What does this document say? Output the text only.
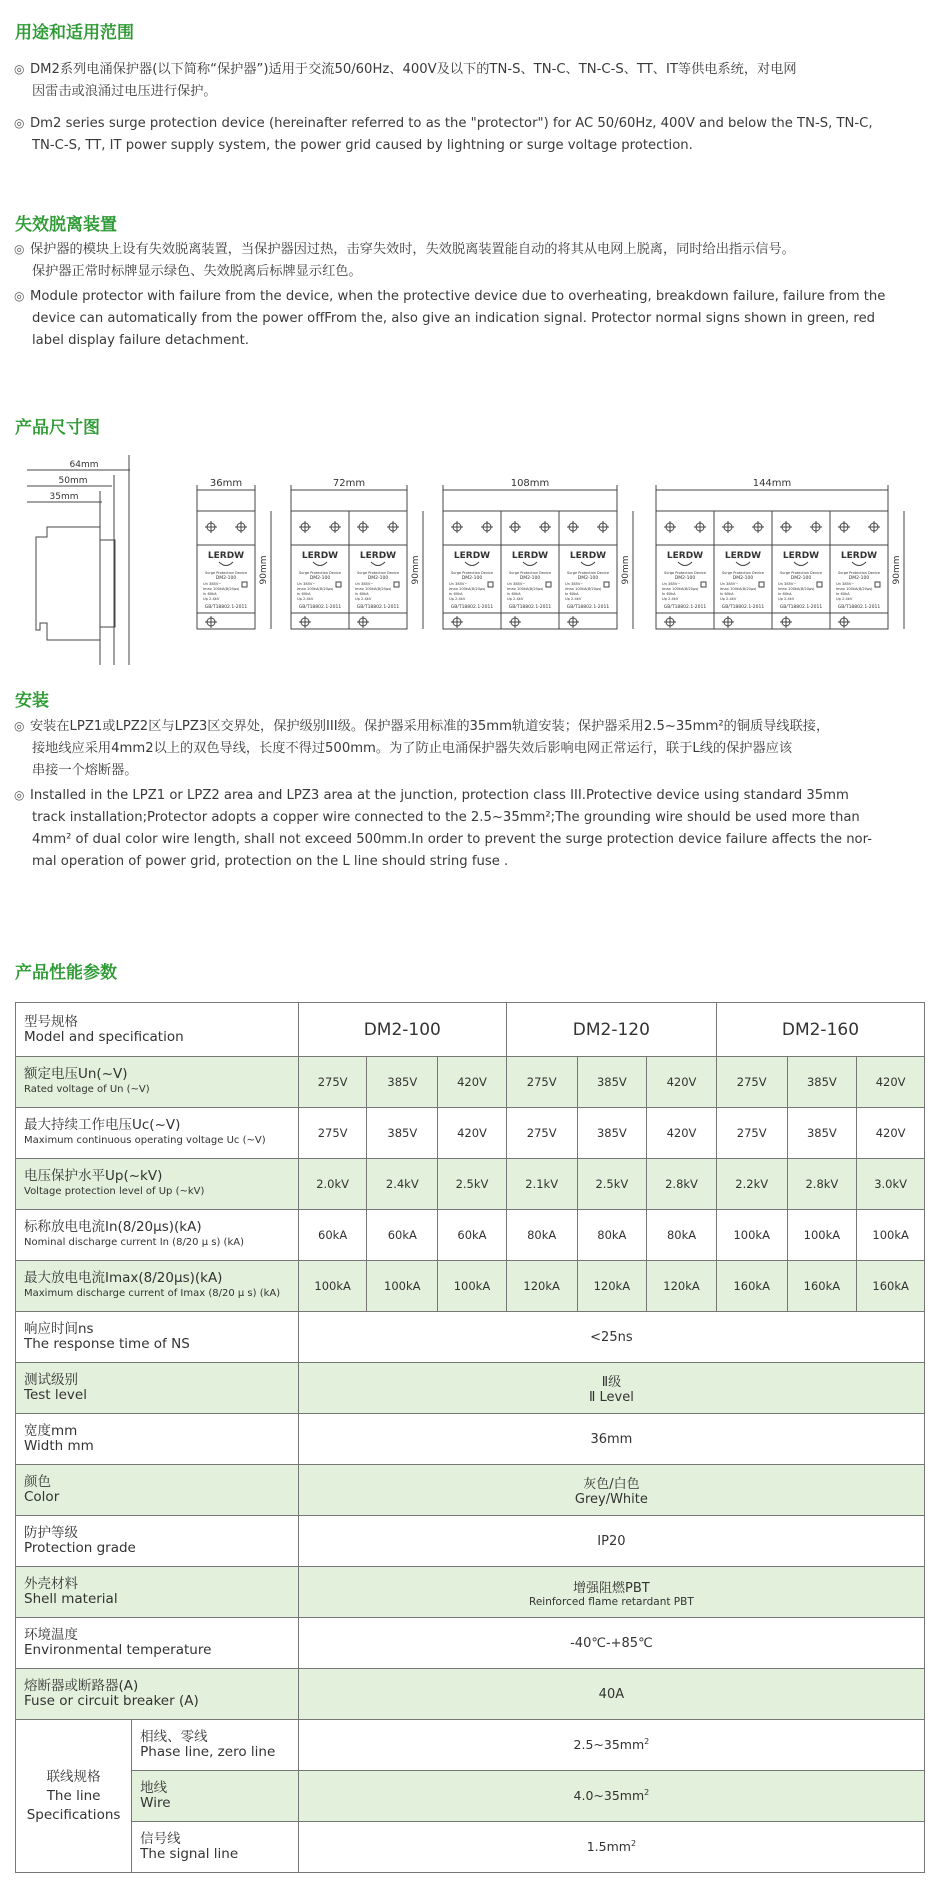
用途和适用范围
◎ DM2系列电涌保护器(以下简称“保护器”)适用于交流50/60Hz、400V及以下的TN-S、TN-C、TN-C-S、TT、IT等供电系统，对电网
因雷击或浪涌过电压进行保护。
◎ Dm2 series surge protection device (hereinafter referred to as the "protector") for AC 50/60Hz, 400V and below the TN-S, TN-C,
TN-C-S, TT, IT power supply system, the power grid caused by lightning or surge voltage protection.
失效脱离装置
◎ 保护器的模块上设有失效脱离装置，当保护器因过热，击穿失效时，失效脱离装置能自动的将其从电网上脱离，同时给出指示信号。
保护器正常时标牌显示绿色、失效脱离后标牌显示红色。
◎ Module protector with failure from the device, when the protective device due to overheating, breakdown failure, failure from the
device can automatically from the power offFrom the, also give an indication signal. Protector normal signs shown in green, red
label display failure detachment.
产品尺寸图
64mm
50mm
35mm
36mm
90mm
LERDW
Surge Protection Device
DM2-100
Un 385V~
Imax 100kA(8/20μs)
In 60kA
Up 2.4kV
GB/T18802.1-2011
72mm
90mm
LERDW
Surge Protection Device
DM2-100
Un 385V~
Imax 100kA(8/20μs)
In 60kA
Up 2.4kV
GB/T18802.1-2011
LERDW
Surge Protection Device
DM2-100
Un 385V~
Imax 100kA(8/20μs)
In 60kA
Up 2.4kV
GB/T18802.1-2011
108mm
90mm
LERDW
Surge Protection Device
DM2-100
Un 385V~
Imax 100kA(8/20μs)
In 60kA
Up 2.4kV
GB/T18802.1-2011
LERDW
Surge Protection Device
DM2-100
Un 385V~
Imax 100kA(8/20μs)
In 60kA
Up 2.4kV
GB/T18802.1-2011
LERDW
Surge Protection Device
DM2-100
Un 385V~
Imax 100kA(8/20μs)
In 60kA
Up 2.4kV
GB/T18802.1-2011
144mm
90mm
LERDW
Surge Protection Device
DM2-100
Un 385V~
Imax 100kA(8/20μs)
In 60kA
Up 2.4kV
GB/T18802.1-2011
LERDW
Surge Protection Device
DM2-100
Un 385V~
Imax 100kA(8/20μs)
In 60kA
Up 2.4kV
GB/T18802.1-2011
LERDW
Surge Protection Device
DM2-100
Un 385V~
Imax 100kA(8/20μs)
In 60kA
Up 2.4kV
GB/T18802.1-2011
LERDW
Surge Protection Device
DM2-100
Un 385V~
Imax 100kA(8/20μs)
In 60kA
Up 2.4kV
GB/T18802.1-2011
安装
◎ 安装在LPZ1或LPZ2区与LPZ3区交界处，保护级别III级。保护器采用标准的35mm轨道安装；保护器采用2.5~35mm²的铜质导线联接，
接地线应采用4mm2以上的双色导线，长度不得过500mm。为了防止电涌保护器失效后影响电网正常运行，联于L线的保护器应该
串接一个熔断器。
◎ Installed in the LPZ1 or LPZ2 area and LPZ3 area at the junction, protection class III.Protective device using standard 35mm
track installation;Protector adopts a copper wire connected to the 2.5~35mm²;The grounding wire should be used more than
4mm² of dual color wire length, shall not exceed 500mm.In order to prevent the surge protection device failure affects the nor-
mal operation of power grid, protection on the L line should string fuse .
产品性能参数
型号规格
Model and specification		DM2-100			DM2-120			DM2-160		

额定电压Un(~V)
Rated voltage of Un (~V)		275V	385V	420V	275V	385V	420V	275V	385V	420V

最大持续工作电压Uc(~V)
Maximum continuous operating voltage Uc (~V)		275V	385V	420V	275V	385V	420V	275V	385V	420V

电压保护水平Up(~kV)
Voltage protection level of Up (~kV)		2.0kV	2.4kV	2.5kV	2.1kV	2.5kV	2.8kV	2.2kV	2.8kV	3.0kV

标称放电电流In(8/20μs)(kA)
Nominal discharge current In (8/20 μ s) (kA)		60kA	60kA	60kA	80kA	80kA	80kA	100kA	100kA	100kA

最大放电电流Imax(8/20μs)(kA)
Maximum discharge current of Imax (8/20 μ s) (kA)		100kA	100kA	100kA	120kA	120kA	120kA	160kA	160kA	160kA

响应时间ns
The response time of NS		<25ns								

测试级别
Test level		Ⅱ级
Ⅱ Level								

宽度mm
Width mm		36mm								

颜色
Color		灰色/白色
Grey/White								

防护等级
Protection grade		IP20								

外壳材料
Shell material		增强阻燃PBT
Reinforced flame retardant PBT								

环境温度
Environmental temperature		-40℃-+85℃								

熔断器或断路器(A)
Fuse or circuit breaker (A)		40A								

联线规格
The line
Specifications	相线、零线
Phase line, zero line	$2.5\sim 35mm^2$

	地线
Wire	$4.0\sim 35mm^2$

	信号线
The signal line	$1.5mm^2$
